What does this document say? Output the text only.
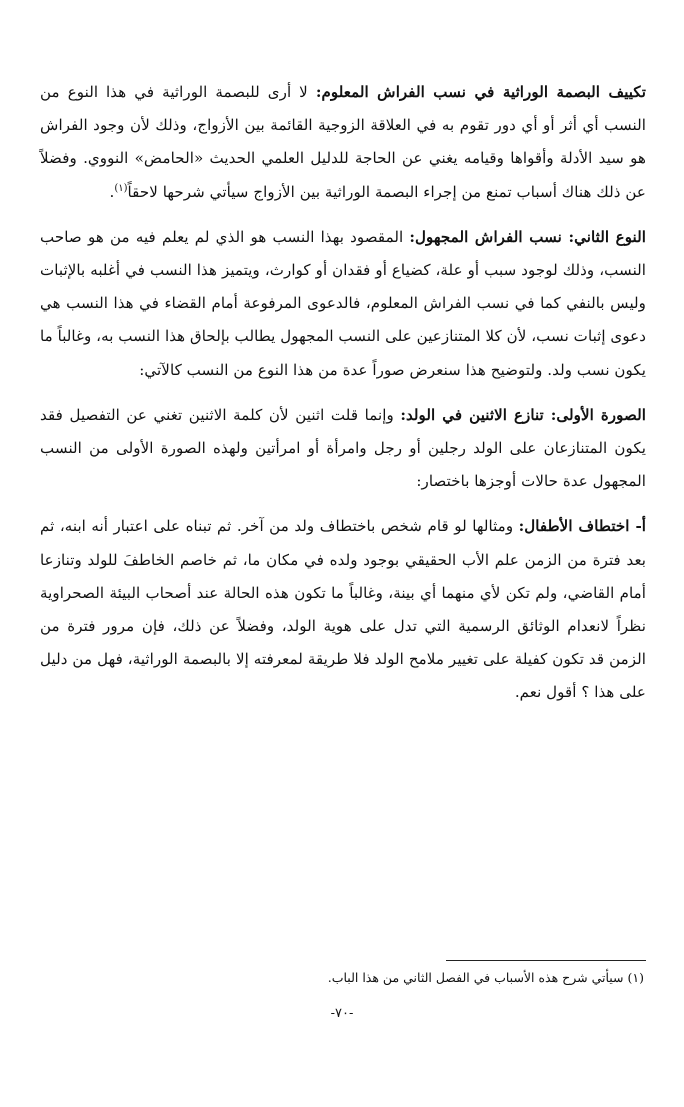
تكييف البصمة الوراثية في نسب الفراش المعلوم: لا أرى للبصمة الوراثية في هذا النوع من النسب أي أثر أو أي دور تقوم به في العلاقة الزوجية القائمة بين الأزواج، وذلك لأن وجود الفراش هو سيد الأدلة وأقواها وقيامه يغني عن الحاجة للدليل العلمي الحديث «الحامض» النووي. وفضلاً عن ذلك هناك أسباب تمنع من إجراء البصمة الوراثية بين الأزواج سيأتي شرحها لاحقاً$^{(١)}$.

النوع الثاني: نسب الفراش المجهول: المقصود بهذا النسب هو الذي لم يعلم فيه من هو صاحب النسب، وذلك لوجود سبب أو علة، كضياع أو فقدان أو كوارث، ويتميز هذا النسب في أغلبه بالإثبات وليس بالنفي كما في نسب الفراش المعلوم، فالدعوى المرفوعة أمام القضاء في هذا النسب هي دعوى إثبات نسب، لأن كلا المتنازعين على النسب المجهول يطالب بإلحاق هذا النسب به، وغالباً ما يكون نسب ولد. ولتوضيح هذا سنعرض صوراً عدة من هذا النوع من النسب كالآتي:

الصورة الأولى: تنازع الاثنين في الولد: وإنما قلت اثنين لأن كلمة الاثنين تغني عن التفصيل فقد يكون المتنازعان على الولد رجلين أو رجل وامرأة أو امرأتين ولهذه الصورة الأولى من النسب المجهول عدة حالات أوجزها باختصار:

أ- اختطاف الأطفال: ومثالها لو قام شخص باختطاف ولد من آخر. ثم تبناه على اعتبار أنه ابنه، ثم بعد فترة من الزمن علم الأب الحقيقي بوجود ولده في مكان ما، ثم خاصم الخاطفَ للولد وتنازعا أمام القاضي، ولم تكن لأي منهما أي بينة، وغالباً ما تكون هذه الحالة عند أصحاب البيئة الصحراوية نظراً لانعدام الوثائق الرسمية التي تدل على هوية الولد، وفضلاً عن ذلك، فإن مرور فترة من الزمن قد تكون كفيلة على تغيير ملامح الولد فلا طريقة لمعرفته إلا بالبصمة الوراثية، فهل من دليل على هذا ؟ أقول نعم.

(١) سيأتي شرح هذه الأسباب في الفصل الثاني من هذا الباب.
-٧٠-
